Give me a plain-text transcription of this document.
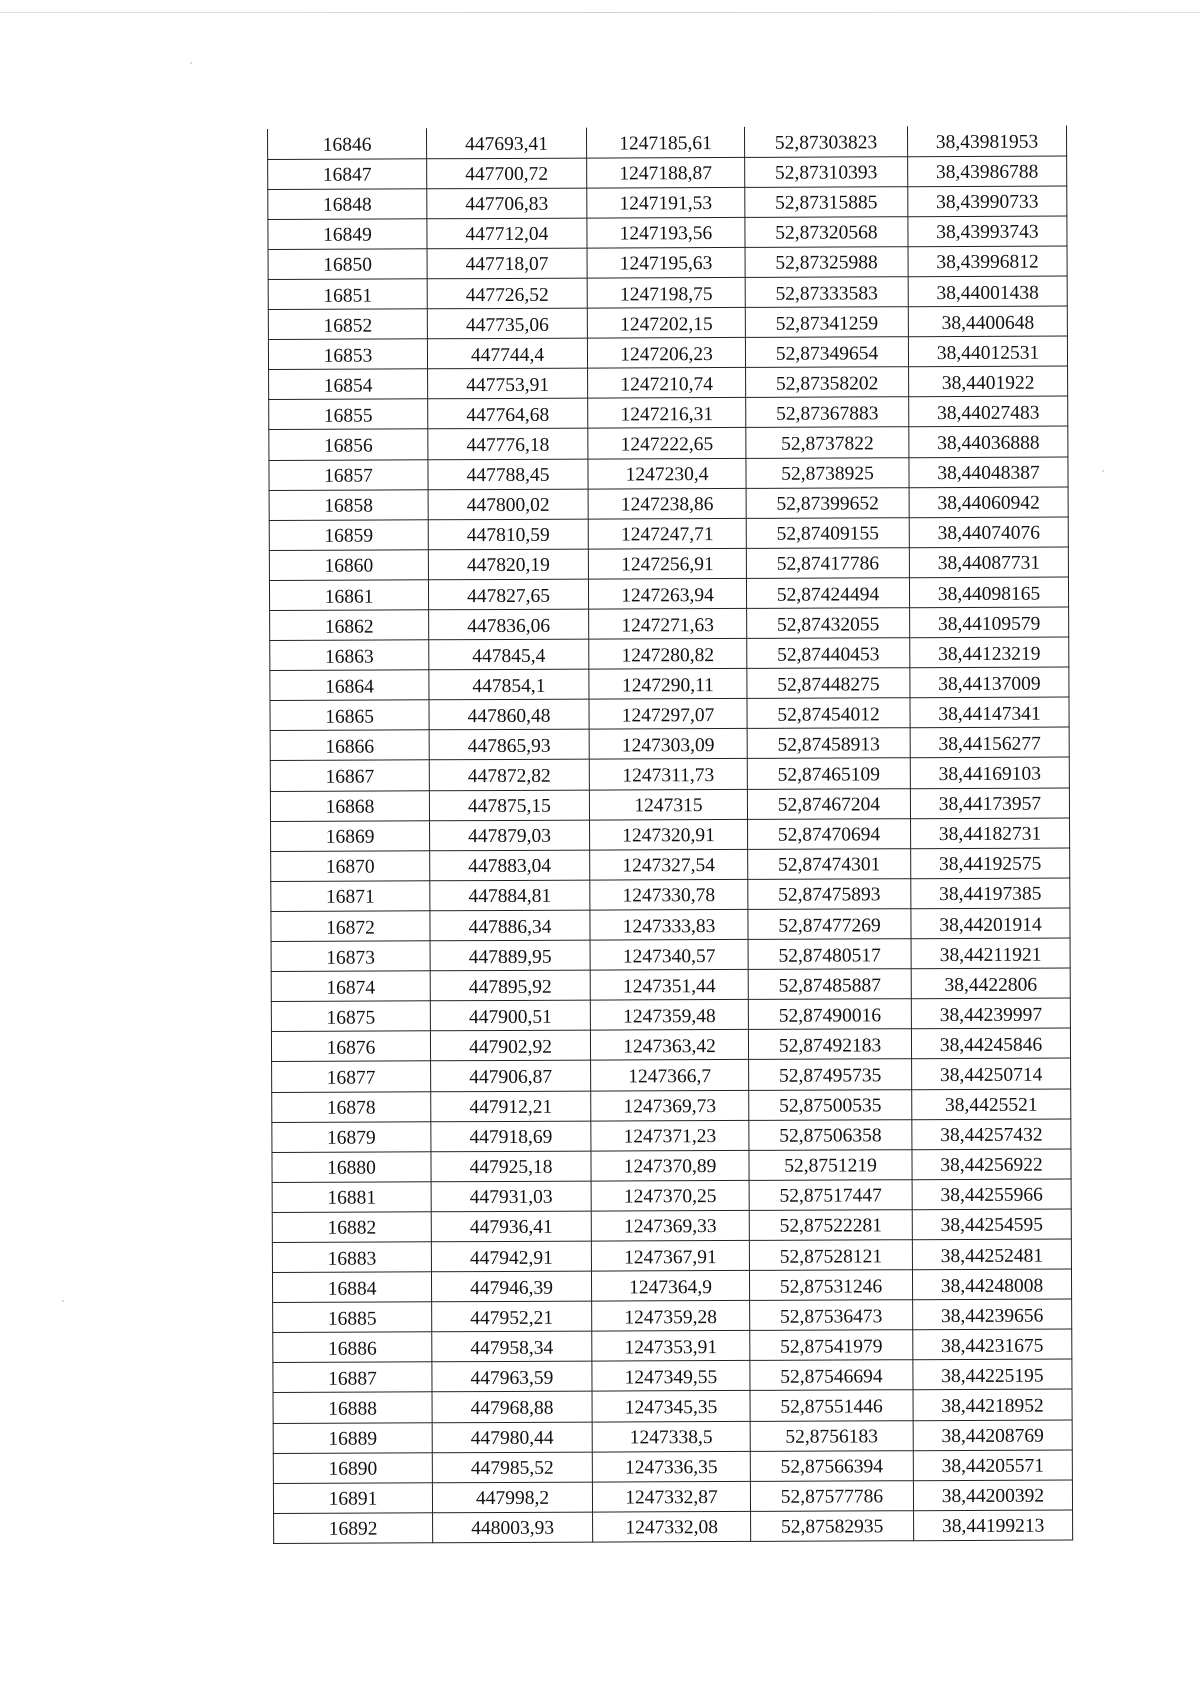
16846	447693,41	1247185,61	52,87303823	38,43981953
16847	447700,72	1247188,87	52,87310393	38,43986788
16848	447706,83	1247191,53	52,87315885	38,43990733
16849	447712,04	1247193,56	52,87320568	38,43993743
16850	447718,07	1247195,63	52,87325988	38,43996812
16851	447726,52	1247198,75	52,87333583	38,44001438
16852	447735,06	1247202,15	52,87341259	38,4400648
16853	447744,4	1247206,23	52,87349654	38,44012531
16854	447753,91	1247210,74	52,87358202	38,4401922
16855	447764,68	1247216,31	52,87367883	38,44027483
16856	447776,18	1247222,65	52,8737822	38,44036888
16857	447788,45	1247230,4	52,8738925	38,44048387
16858	447800,02	1247238,86	52,87399652	38,44060942
16859	447810,59	1247247,71	52,87409155	38,44074076
16860	447820,19	1247256,91	52,87417786	38,44087731
16861	447827,65	1247263,94	52,87424494	38,44098165
16862	447836,06	1247271,63	52,87432055	38,44109579
16863	447845,4	1247280,82	52,87440453	38,44123219
16864	447854,1	1247290,11	52,87448275	38,44137009
16865	447860,48	1247297,07	52,87454012	38,44147341
16866	447865,93	1247303,09	52,87458913	38,44156277
16867	447872,82	1247311,73	52,87465109	38,44169103
16868	447875,15	1247315	52,87467204	38,44173957
16869	447879,03	1247320,91	52,87470694	38,44182731
16870	447883,04	1247327,54	52,87474301	38,44192575
16871	447884,81	1247330,78	52,87475893	38,44197385
16872	447886,34	1247333,83	52,87477269	38,44201914
16873	447889,95	1247340,57	52,87480517	38,44211921
16874	447895,92	1247351,44	52,87485887	38,4422806
16875	447900,51	1247359,48	52,87490016	38,44239997
16876	447902,92	1247363,42	52,87492183	38,44245846
16877	447906,87	1247366,7	52,87495735	38,44250714
16878	447912,21	1247369,73	52,87500535	38,4425521
16879	447918,69	1247371,23	52,87506358	38,44257432
16880	447925,18	1247370,89	52,8751219	38,44256922
16881	447931,03	1247370,25	52,87517447	38,44255966
16882	447936,41	1247369,33	52,87522281	38,44254595
16883	447942,91	1247367,91	52,87528121	38,44252481
16884	447946,39	1247364,9	52,87531246	38,44248008
16885	447952,21	1247359,28	52,87536473	38,44239656
16886	447958,34	1247353,91	52,87541979	38,44231675
16887	447963,59	1247349,55	52,87546694	38,44225195
16888	447968,88	1247345,35	52,87551446	38,44218952
16889	447980,44	1247338,5	52,8756183	38,44208769
16890	447985,52	1247336,35	52,87566394	38,44205571
16891	447998,2	1247332,87	52,87577786	38,44200392
16892	448003,93	1247332,08	52,87582935	38,44199213
